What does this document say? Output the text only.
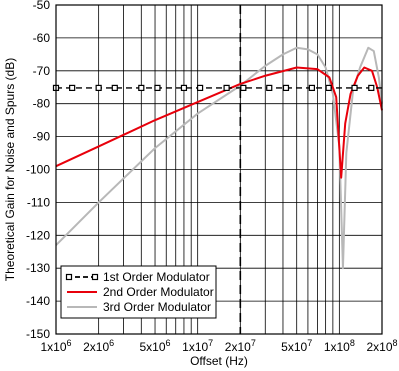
-50
-60
-70
-80
-90
-100
-110
-120
-130
-140
-150
$1x10^6$ $2x10^6$ $5x10^6$ $1x10^7$ $2x10^7$ $5x10^7$ $1x10^8$ $2x10^8$
Offset (Hz)
Theoretical Gain for Noise and Spurs (dB)	1st Order Modulator
2nd Order Modulator
3rd Order Modulator
